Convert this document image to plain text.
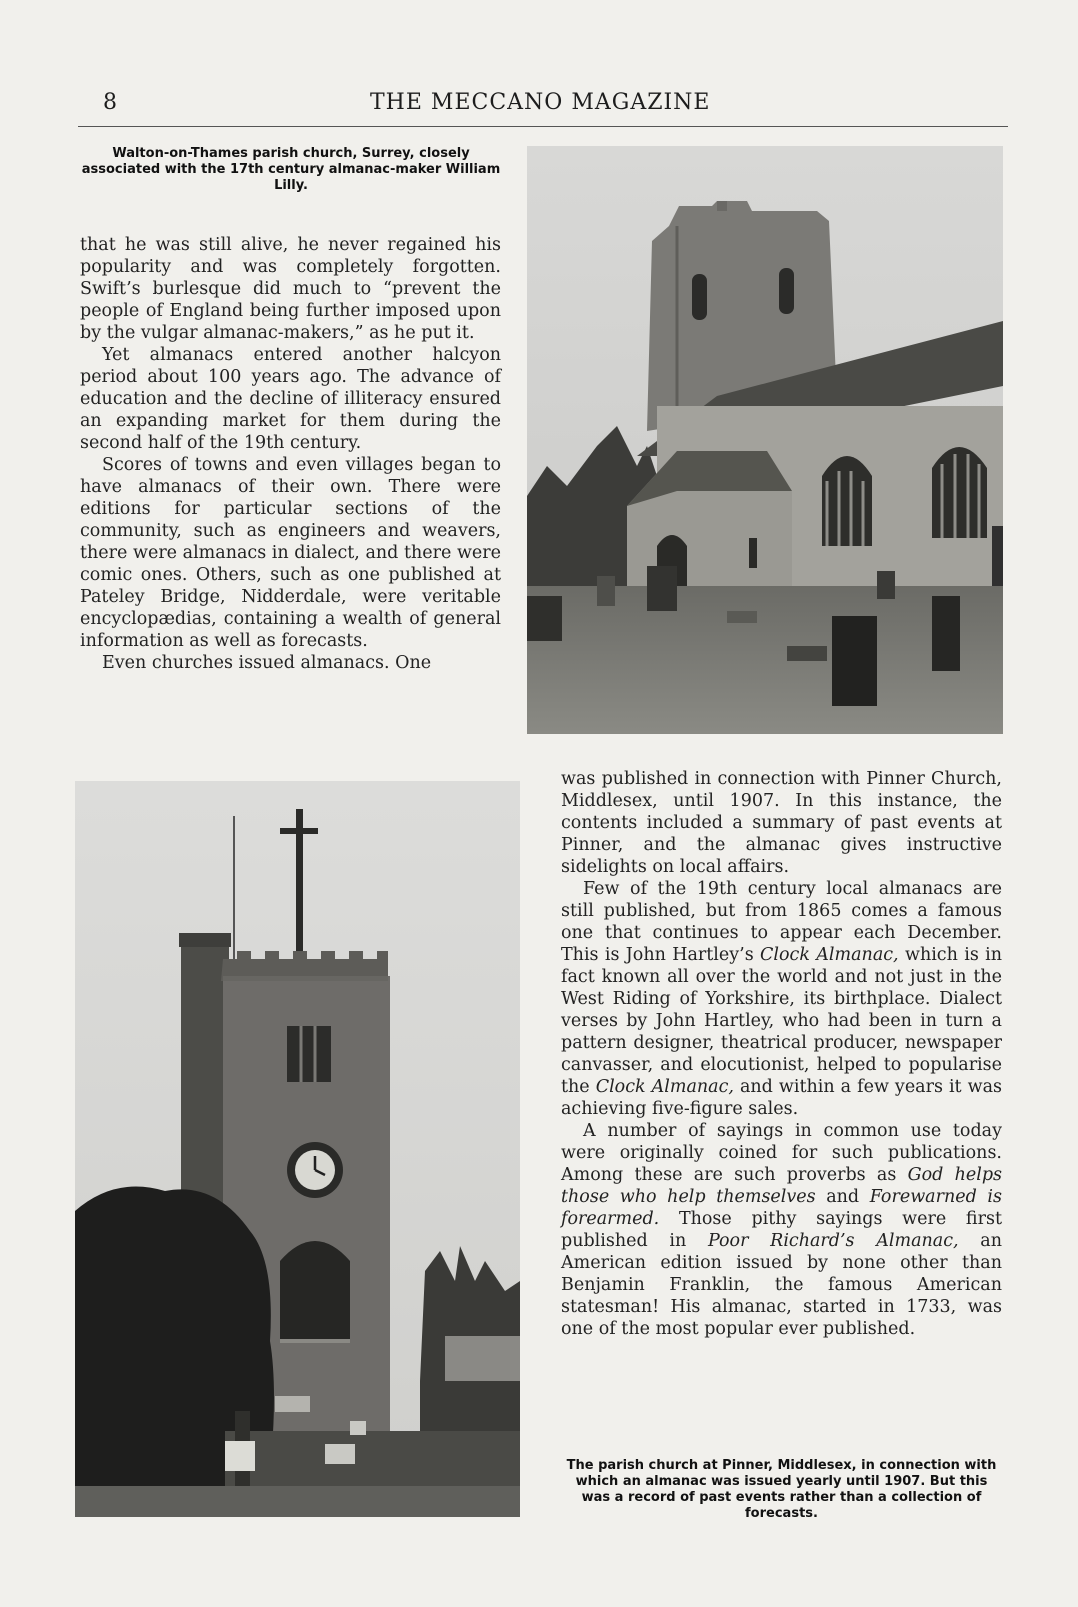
8	THE MECCANO MAGAZINE
Walton-on-Thames parish church, Surrey, closely associated with the 17th century almanac-maker William Lilly.

that he was still alive, he never regained his popularity and was completely forgotten. Swift’s burlesque did much to “prevent the people of England being further imposed upon by the vulgar almanac-makers,” as he put it.

Yet almanacs entered another halcyon period about 100 years ago. The advance of education and the decline of illiteracy ensured an expanding market for them during the second half of the 19th century.

Scores of towns and even villages began to have almanacs of their own. There were editions for particular sections of the community, such as engineers and weavers, there were almanacs in dialect, and there were comic ones. Others, such as one published at Pateley Bridge, Nidderdale, were veritable encyclopædias, containing a wealth of general information as well as forecasts.

Even churches issued almanacs. One

was published in connection with Pinner Church, Middlesex, until 1907. In this instance, the contents included a summary of past events at Pinner, and the almanac gives instructive sidelights on local affairs.

Few of the 19th century local almanacs are still published, but from 1865 comes a famous one that continues to appear each December. This is John Hartley’s Clock Almanac, which is in fact known all over the world and not just in the West Riding of Yorkshire, its birthplace. Dialect verses by John Hartley, who had been in turn a pattern designer, theatrical producer, newspaper canvasser, and elocutionist, helped to popularise the Clock Almanac, and within a few years it was achieving five-figure sales.

A number of sayings in common use today were originally coined for such publications. Among these are such proverbs as God helps those who help themselves and Forewarned is forearmed. Those pithy sayings were first published in Poor Richard’s Almanac, an American edition issued by none other than Benjamin Franklin, the famous American statesman! His almanac, started in 1733, was one of the most popular ever published.

The parish church at Pinner, Middlesex, in connection with which an almanac was issued yearly until 1907. But this was a record of past events rather than a collection of forecasts.
